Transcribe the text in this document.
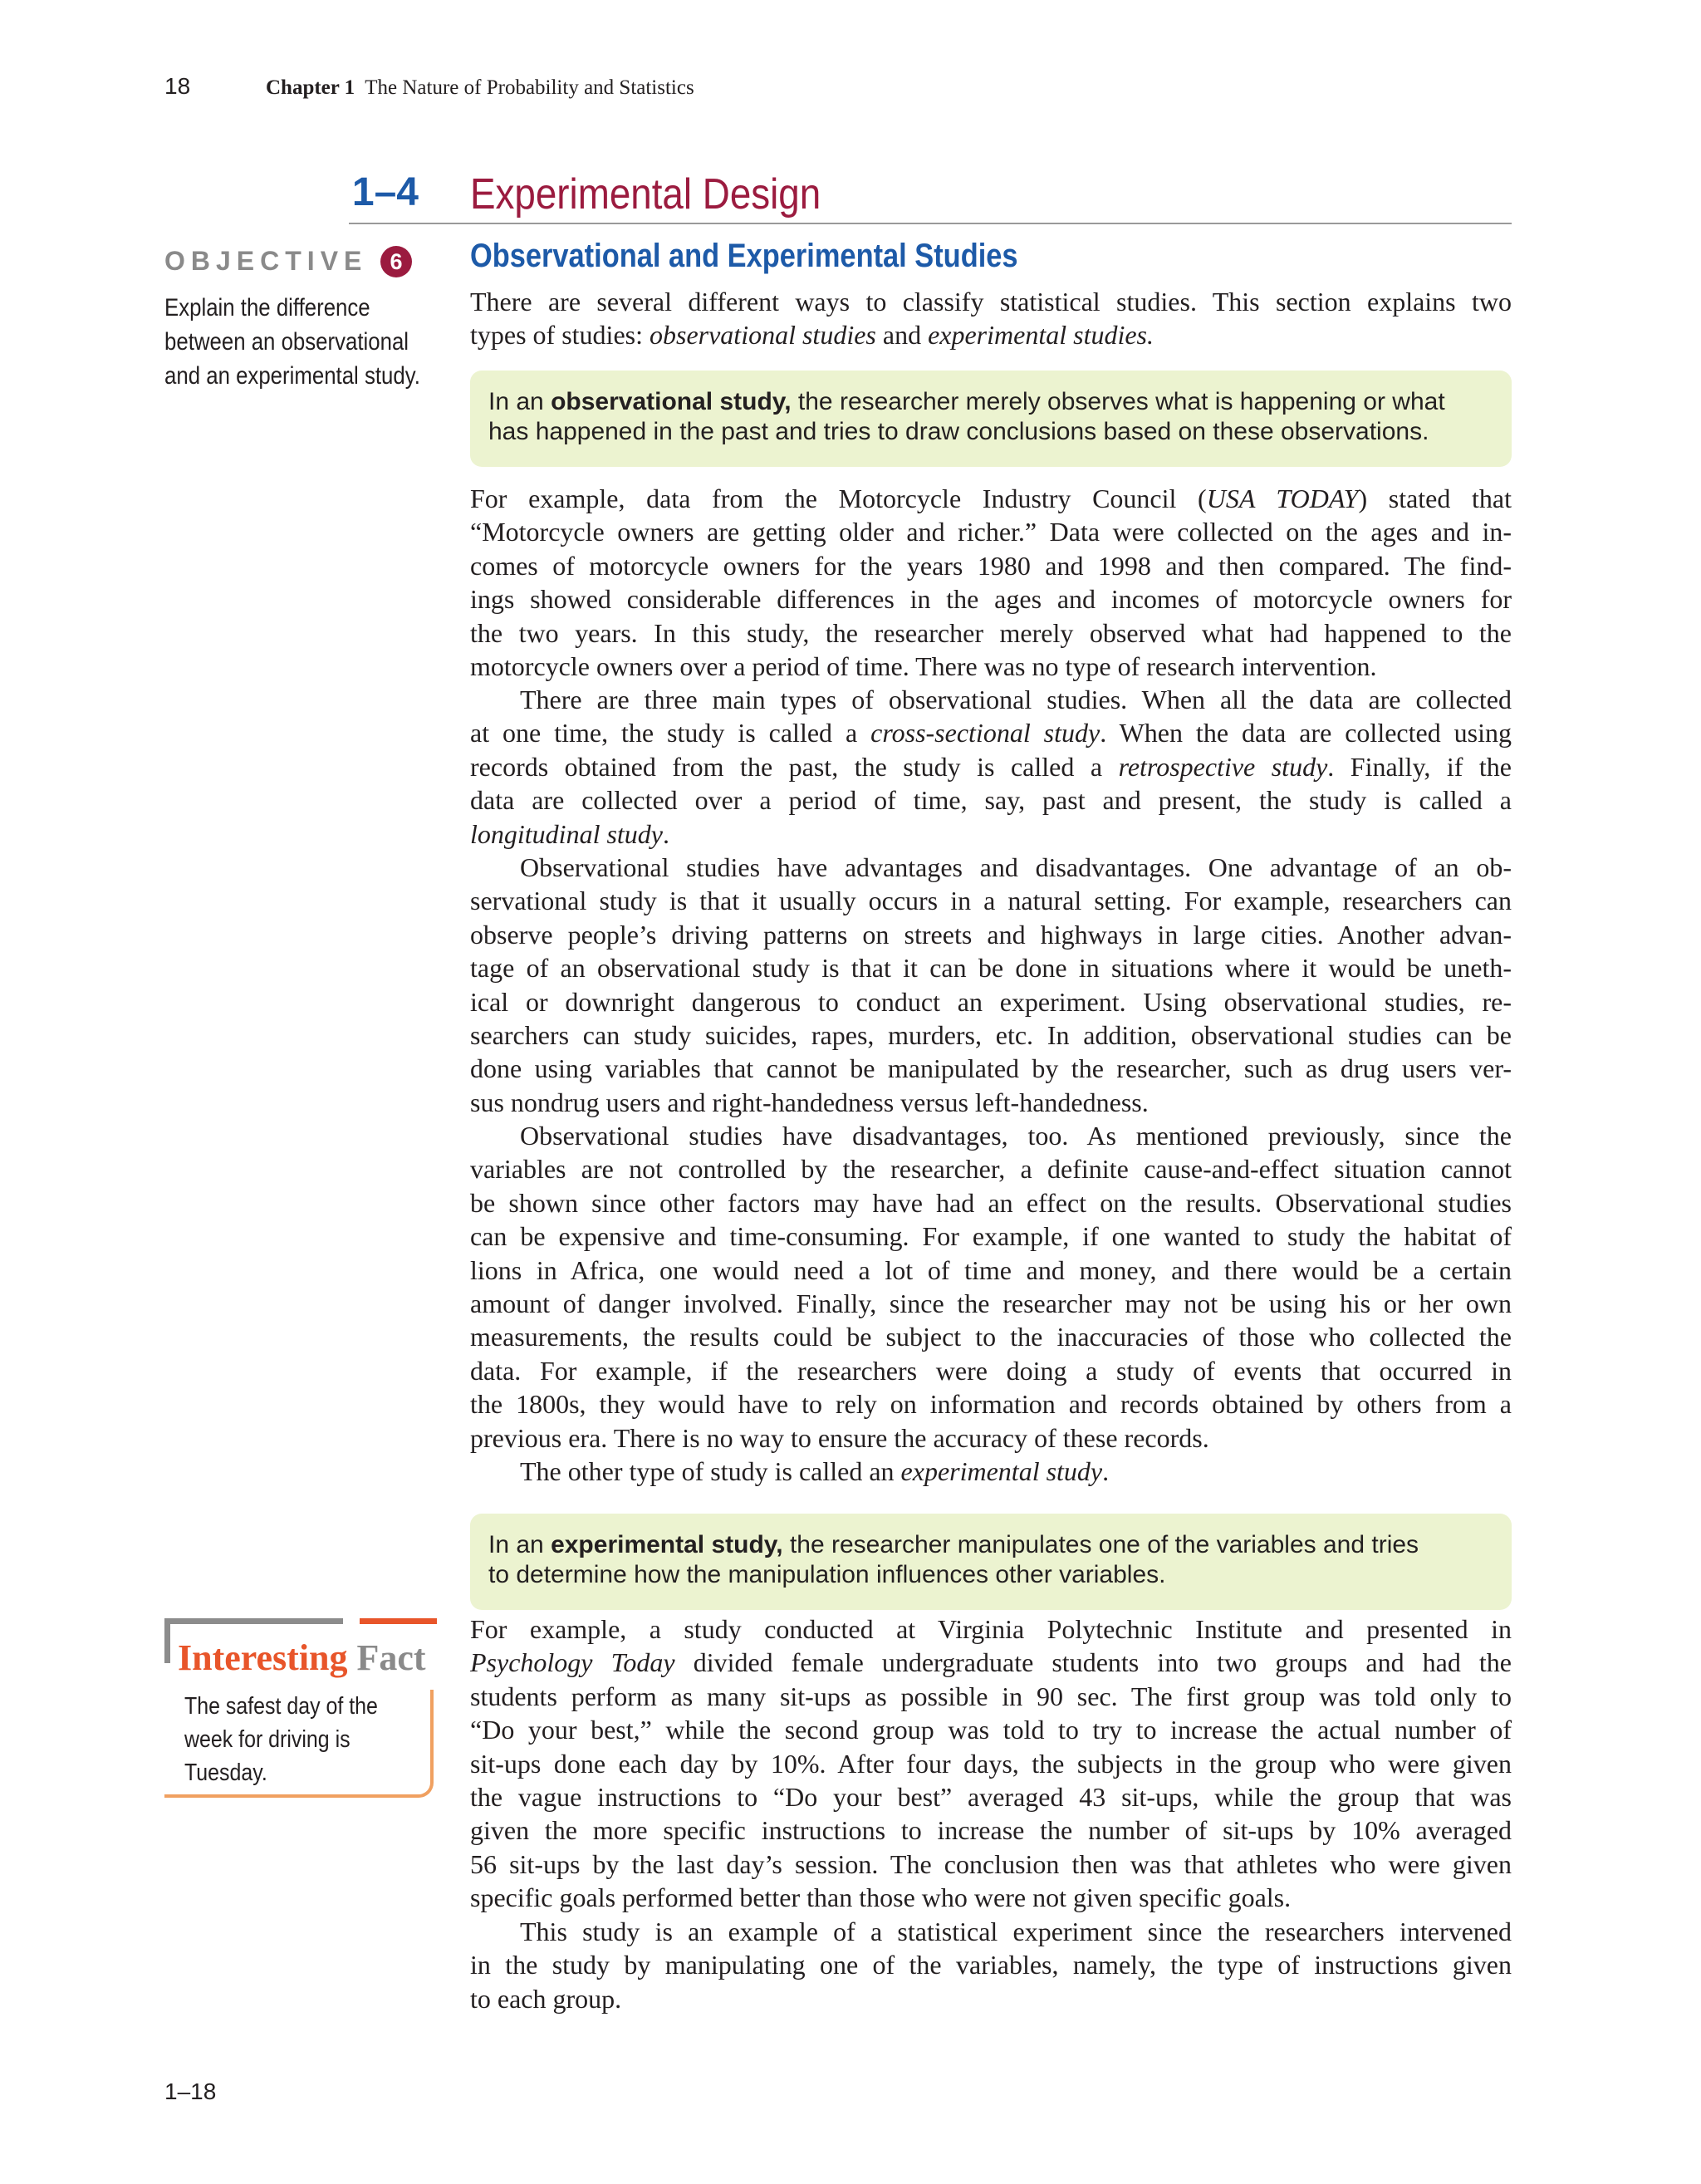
18	Chapter 1 The Nature of Probability and Statistics
1–4 Experimental Design
OBJECTIVE	6
Explain the difference
between an observational
and an experimental study.
Observational and Experimental Studies
There are several different ways to classify statistical studies. This section explains two
types of studies: observational studies and experimental studies.
In an observational study, the researcher merely observes what is happening or what
has happened in the past and tries to draw conclusions based on these observations.
For example, data from the Motorcycle Industry Council (USA TODAY) stated that
“Motorcycle owners are getting older and richer.” Data were collected on the ages and in-
comes of motorcycle owners for the years 1980 and 1998 and then compared. The find-
ings showed considerable differences in the ages and incomes of motorcycle owners for
the two years. In this study, the researcher merely observed what had happened to the
motorcycle owners over a period of time. There was no type of research intervention.
There are three main types of observational studies. When all the data are collected
at one time, the study is called a cross-sectional study. When the data are collected using
records obtained from the past, the study is called a retrospective study. Finally, if the
data are collected over a period of time, say, past and present, the study is called a
longitudinal study.
Observational studies have advantages and disadvantages. One advantage of an ob-
servational study is that it usually occurs in a natural setting. For example, researchers can
observe people’s driving patterns on streets and highways in large cities. Another advan-
tage of an observational study is that it can be done in situations where it would be uneth-
ical or downright dangerous to conduct an experiment. Using observational studies, re-
searchers can study suicides, rapes, murders, etc. In addition, observational studies can be
done using variables that cannot be manipulated by the researcher, such as drug users ver-
sus nondrug users and right-handedness versus left-handedness.
Observational studies have disadvantages, too. As mentioned previously, since the
variables are not controlled by the researcher, a definite cause-and-effect situation cannot
be shown since other factors may have had an effect on the results. Observational studies
can be expensive and time-consuming. For example, if one wanted to study the habitat of
lions in Africa, one would need a lot of time and money, and there would be a certain
amount of danger involved. Finally, since the researcher may not be using his or her own
measurements, the results could be subject to the inaccuracies of those who collected the
data. For example, if the researchers were doing a study of events that occurred in
the 1800s, they would have to rely on information and records obtained by others from a
previous era. There is no way to ensure the accuracy of these records.
The other type of study is called an experimental study.
In an experimental study, the researcher manipulates one of the variables and tries
to determine how the manipulation influences other variables.
Interesting Fact
The safest day of the
week for driving is
Tuesday.
For example, a study conducted at Virginia Polytechnic Institute and presented in
Psychology Today divided female undergraduate students into two groups and had the
students perform as many sit-ups as possible in 90 sec. The first group was told only to
“Do your best,” while the second group was told to try to increase the actual number of
sit-ups done each day by 10%. After four days, the subjects in the group who were given
the vague instructions to “Do your best” averaged 43 sit-ups, while the group that was
given the more specific instructions to increase the number of sit-ups by 10% averaged
56 sit-ups by the last day’s session. The conclusion then was that athletes who were given
specific goals performed better than those who were not given specific goals.
This study is an example of a statistical experiment since the researchers intervened
in the study by manipulating one of the variables, namely, the type of instructions given
to each group.
1–18
